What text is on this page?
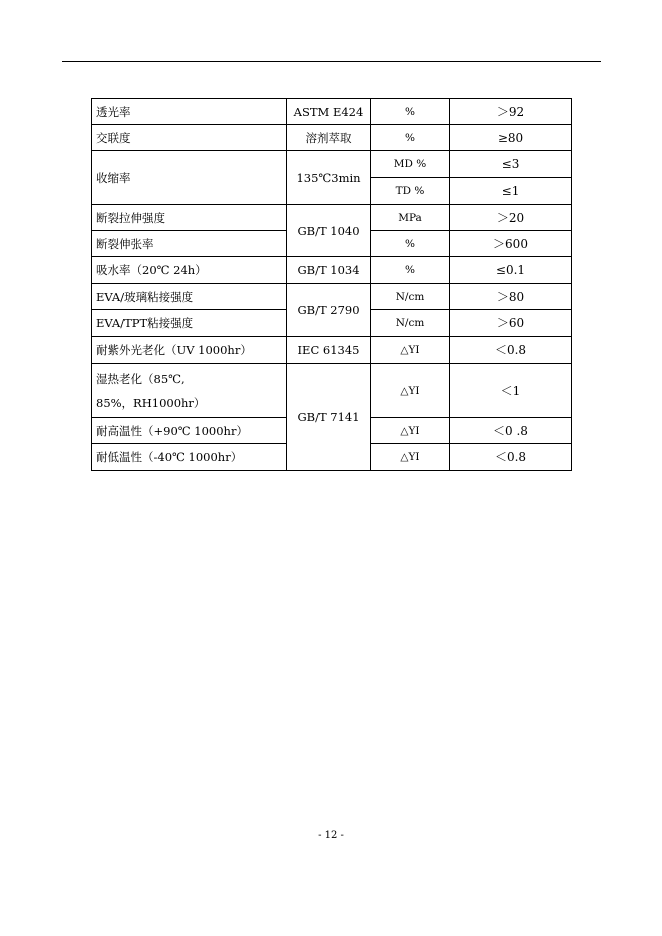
透光率	ASTM E424	%	＞92
交联度	溶剂萃取	%	≥80
收缩率	135℃3min	MD %	≤3
		TD %	≤1
断裂拉伸强度	GB/T 1040	MPa	＞20
断裂伸张率		%	＞600
吸水率（20℃ 24h）	GB/T 1034	%	≤0.1
EVA/玻璃粘接强度	GB/T 2790	N/cm	＞80
EVA/TPT粘接强度		N/cm	＞60
耐紫外光老化（UV 1000hr）	IEC 61345	△YI	＜0.8

湿热老化（85℃,
85%，RH1000hr）	GB/T 7141	△YI	＜1
耐高温性（+90℃ 1000hr）		△YI	＜0 .8
耐低温性（-40℃ 1000hr）		△YI	＜0.8
- 12 -
